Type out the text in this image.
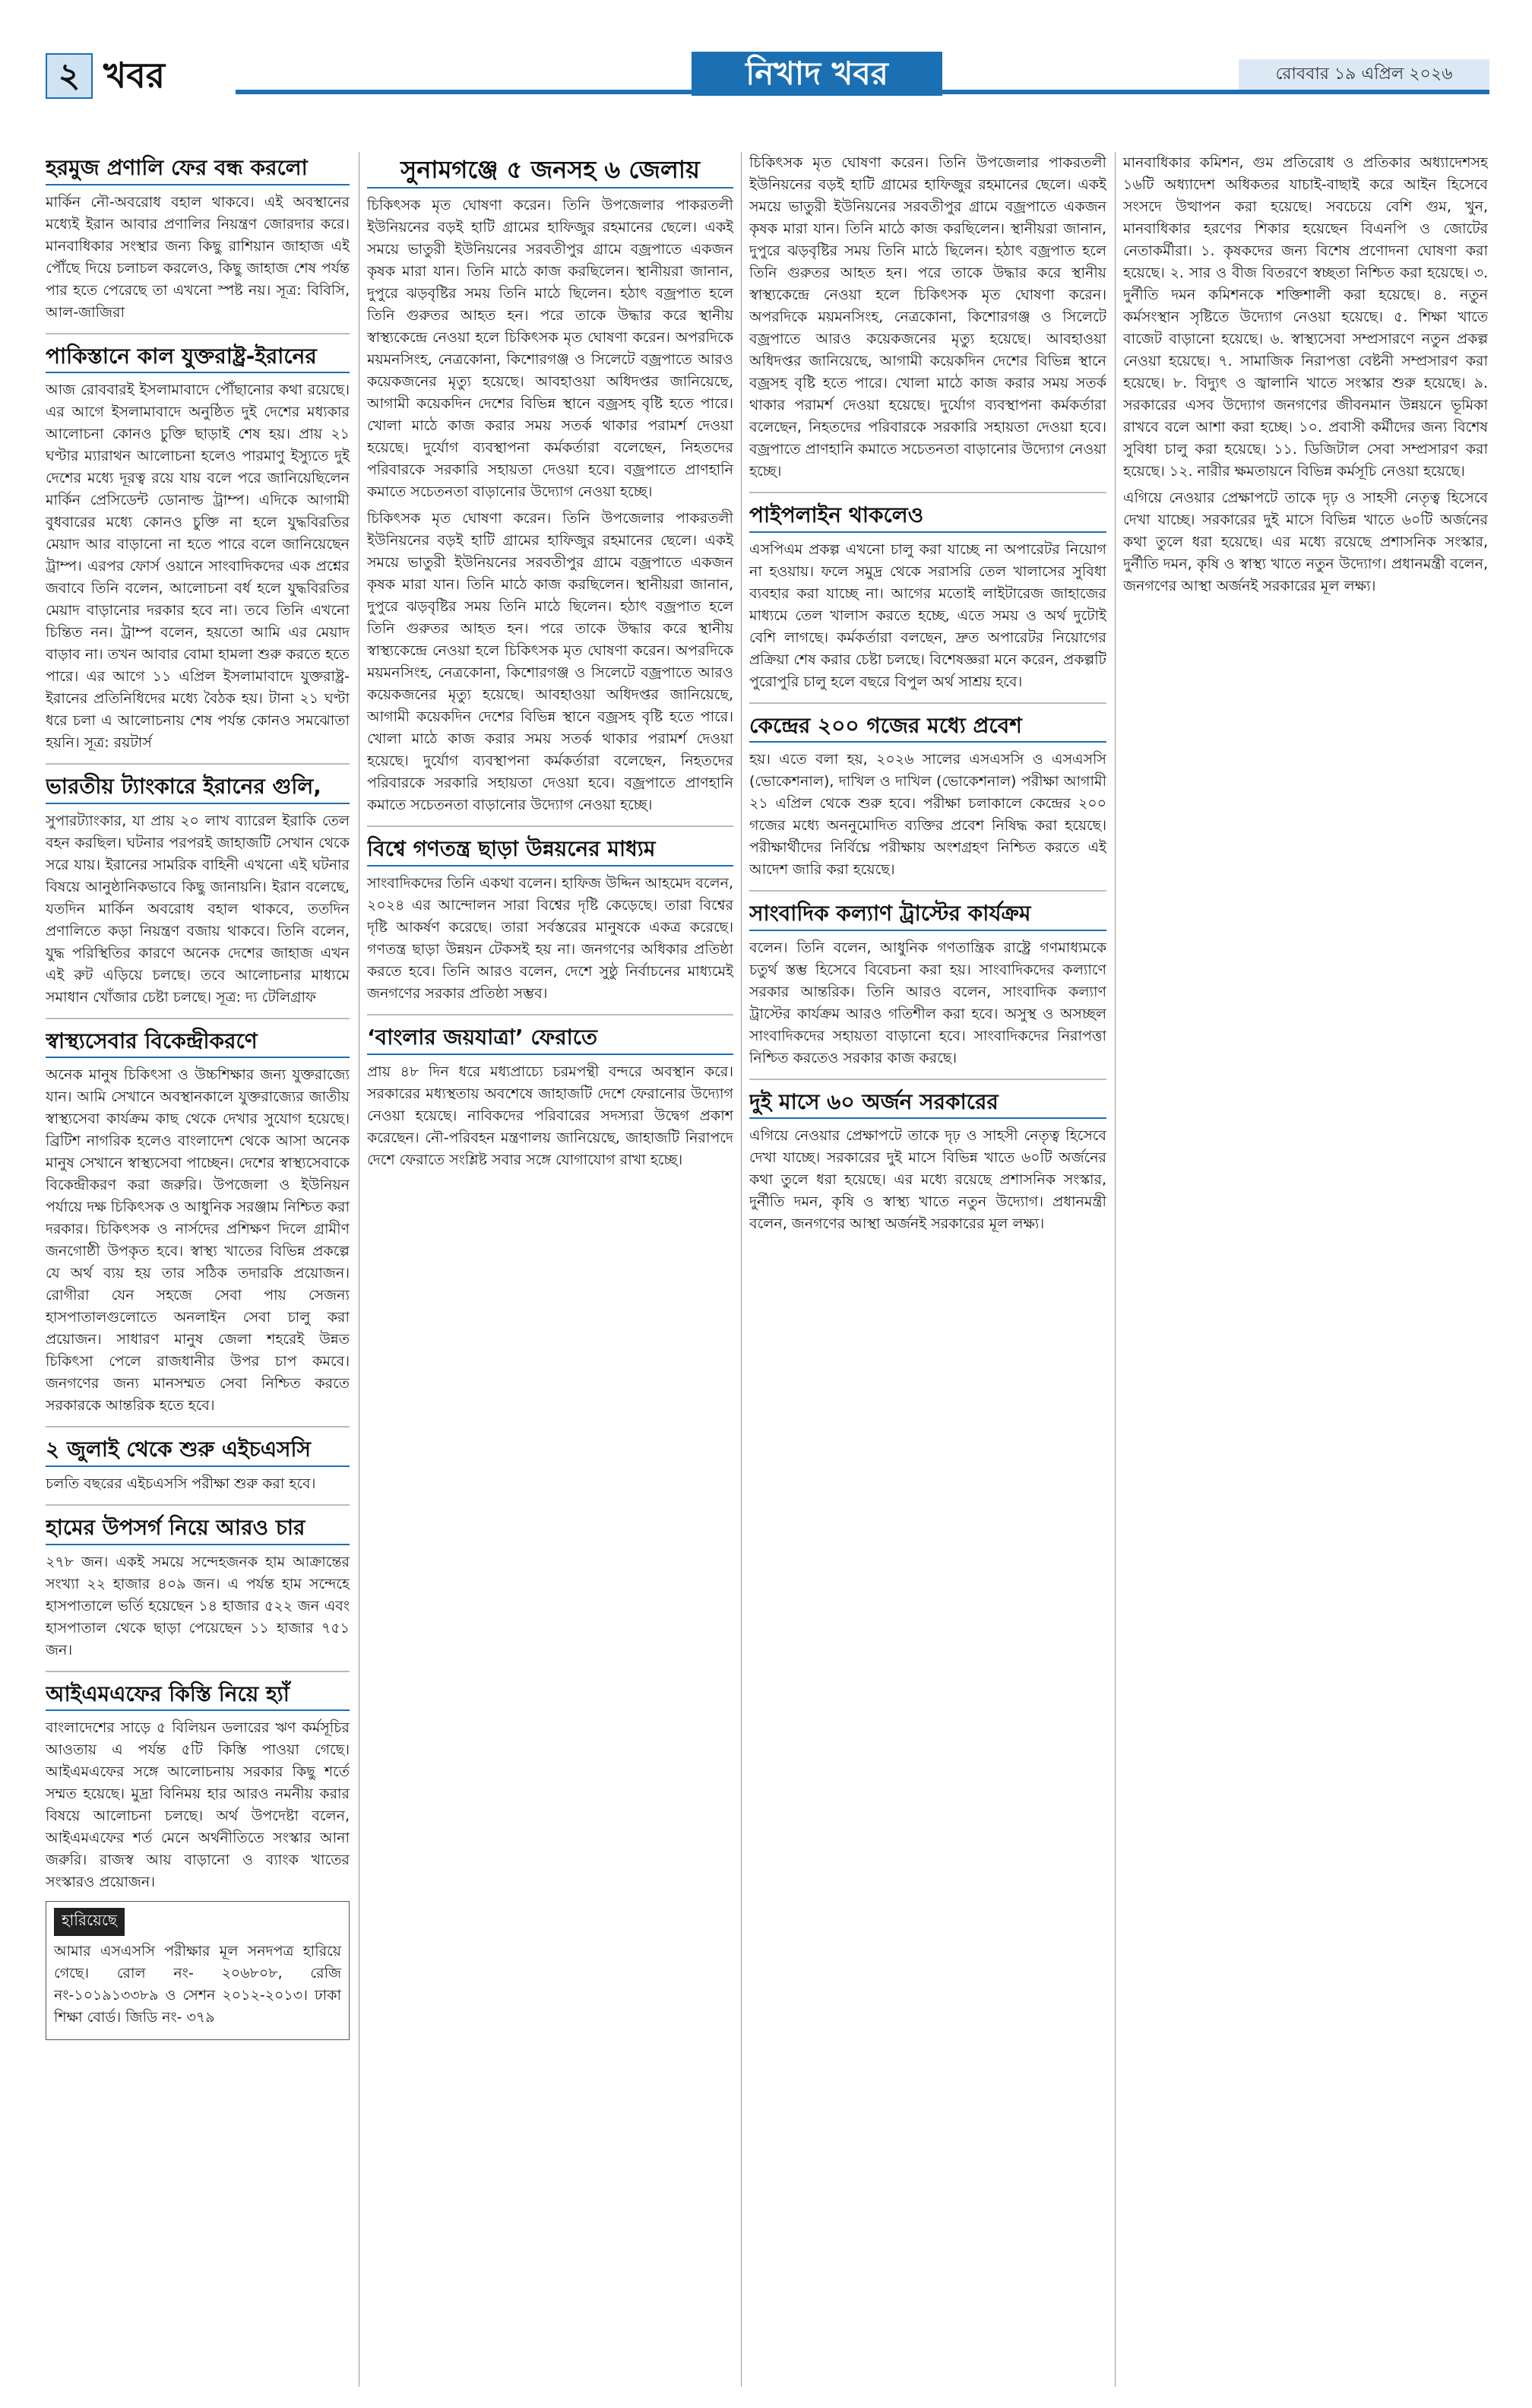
২ খবর	নিখাদ খবর	রোববার ১৯ এপ্রিল ২০২৬
হরমুজ প্রণালি ফের বন্ধ করলো

মার্কিন নৌ-অবরোধ বহাল থাকবে। এই অবস্থানের মধ্যেই ইরান আবার প্রণালির নিয়ন্ত্রণ জোরদার করে। মানবাধিকার সংস্থার জন্য কিছু রাশিয়ান জাহাজ এই পৌঁছে দিয়ে চলাচল করলেও, কিছু জাহাজ শেষ পর্যন্ত পার হতে পেরেছে তা এখনো স্পষ্ট নয়। সূত্র: বিবিসি, আল-জাজিরা

পাকিস্তানে কাল যুক্তরাষ্ট্র-ইরানের

আজ রোববারই ইসলামাবাদে পৌঁছানোর কথা রয়েছে। এর আগে ইসলামাবাদে অনুষ্ঠিত দুই দেশের মধ্যকার আলোচনা কোনও চুক্তি ছাড়াই শেষ হয়। প্রায় ২১ ঘণ্টার ম্যারাথন আলোচনা হলেও পারমাণু ইস্যুতে দুই দেশের মধ্যে দূরত্ব রয়ে যায় বলে পরে জানিয়েছিলেন মার্কিন প্রেসিডেন্ট ডোনাল্ড ট্রাম্প। এদিকে আগামী বুধবারের মধ্যে কোনও চুক্তি না হলে যুদ্ধবিরতির মেয়াদ আর বাড়ানো না হতে পারে বলে জানিয়েছেন ট্রাম্প। এরপর ফোর্স ওয়ানে সাংবাদিকদের এক প্রশ্নের জবাবে তিনি বলেন, আলোচনা বর্ধ হলে যুদ্ধবিরতির মেয়াদ বাড়ানোর দরকার হবে না। তবে তিনি এখনো চিন্তিত নন। ট্রাম্প বলেন, হয়তো আমি এর মেয়াদ বাড়াব না। তখন আবার বোমা হামলা শুরু করতে হতে পারে। এর আগে ১১ এপ্রিল ইসলামাবাদে যুক্তরাষ্ট্র-ইরানের প্রতিনিধিদের মধ্যে বৈঠক হয়। টানা ২১ ঘণ্টা ধরে চলা এ আলোচনায় শেষ পর্যন্ত কোনও সমঝোতা হয়নি। সূত্র: রয়টার্স

ভারতীয় ট্যাংকারে ইরানের গুলি,

সুপারট্যাংকার, যা প্রায় ২০ লাখ ব্যারেল ইরাকি তেল বহন করছিল। ঘটনার পরপরই জাহাজটি সেখান থেকে সরে যায়। ইরানের সামরিক বাহিনী এখনো এই ঘটনার বিষয়ে আনুষ্ঠানিকভাবে কিছু জানায়নি। ইরান বলেছে, যতদিন মার্কিন অবরোধ বহাল থাকবে, ততদিন প্রণালিতে কড়া নিয়ন্ত্রণ বজায় থাকবে। তিনি বলেন, যুদ্ধ পরিস্থিতির কারণে অনেক দেশের জাহাজ এখন এই রুট এড়িয়ে চলছে। তবে আলোচনার মাধ্যমে সমাধান খোঁজার চেষ্টা চলছে। সূত্র: দ্য টেলিগ্রাফ

স্বাস্থ্যসেবার বিকেন্দ্রীকরণে

অনেক মানুষ চিকিৎসা ও উচ্চশিক্ষার জন্য যুক্তরাজ্যে যান। আমি সেখানে অবস্থানকালে যুক্তরাজ্যের জাতীয় স্বাস্থ্যসেবা কার্যক্রম কাছ থেকে দেখার সুযোগ হয়েছে। ব্রিটিশ নাগরিক হলেও বাংলাদেশ থেকে আসা অনেক মানুষ সেখানে স্বাস্থ্যসেবা পাচ্ছেন। দেশের স্বাস্থ্যসেবাকে বিকেন্দ্রীকরণ করা জরুরি। উপজেলা ও ইউনিয়ন পর্যায়ে দক্ষ চিকিৎসক ও আধুনিক সরঞ্জাম নিশ্চিত করা দরকার। চিকিৎসক ও নার্সদের প্রশিক্ষণ দিলে গ্রামীণ জনগোষ্ঠী উপকৃত হবে। স্বাস্থ্য খাতের বিভিন্ন প্রকল্পে যে অর্থ ব্যয় হয় তার সঠিক তদারকি প্রয়োজন। রোগীরা যেন সহজে সেবা পায় সেজন্য হাসপাতালগুলোতে অনলাইন সেবা চালু করা প্রয়োজন। সাধারণ মানুষ জেলা শহরেই উন্নত চিকিৎসা পেলে রাজধানীর উপর চাপ কমবে। জনগণের জন্য মানসম্মত সেবা নিশ্চিত করতে সরকারকে আন্তরিক হতে হবে।

২ জুলাই থেকে শুরু এইচএসসি

চলতি বছরের এইচএসসি পরীক্ষা শুরু করা হবে।

হামের উপসর্গ নিয়ে আরও চার

২৭৮ জন। একই সময়ে সন্দেহজনক হাম আক্রান্তের সংখ্যা ২২ হাজার ৪০৯ জন। এ পর্যন্ত হাম সন্দেহে হাসপাতালে ভর্তি হয়েছেন ১৪ হাজার ৫২২ জন এবং হাসপাতাল থেকে ছাড়া পেয়েছেন ১১ হাজার ৭৫১ জন।

আইএমএফের কিস্তি নিয়ে হ্যাঁ

বাংলাদেশের সাড়ে ৫ বিলিয়ন ডলারের ঋণ কর্মসূচির আওতায় এ পর্যন্ত ৫টি কিস্তি পাওয়া গেছে। আইএমএফের সঙ্গে আলোচনায় সরকার কিছু শর্তে সম্মত হয়েছে। মুদ্রা বিনিময় হার আরও নমনীয় করার বিষয়ে আলোচনা চলছে। অর্থ উপদেষ্টা বলেন, আইএমএফের শর্ত মেনে অর্থনীতিতে সংস্কার আনা জরুরি। রাজস্ব আয় বাড়ানো ও ব্যাংক খাতের সংস্কারও প্রয়োজন।

হারিয়েছে

আমার এসএসসি পরীক্ষার মূল সনদপত্র হারিয়ে গেছে। রোল নং- ২০৬৮০৮, রেজি নং-১০১৯১৩৩৮৯ ও সেশন ২০১২-২০১৩। ঢাকা শিক্ষা বোর্ড। জিডি নং- ৩৭৯

সুনামগঞ্জে ৫ জনসহ ৬ জেলায়

চিকিৎসক মৃত ঘোষণা করেন। তিনি উপজেলার পাকরতলী ইউনিয়নের বড়ই হাটি গ্রামের হাফিজুর রহমানের ছেলে। একই সময়ে ভাতুরী ইউনিয়নের সরবতীপুর গ্রামে বজ্রপাতে একজন কৃষক মারা যান। তিনি মাঠে কাজ করছিলেন। স্থানীয়রা জানান, দুপুরে ঝড়বৃষ্টির সময় তিনি মাঠে ছিলেন। হঠাৎ বজ্রপাত হলে তিনি গুরুতর আহত হন। পরে তাকে উদ্ধার করে স্থানীয় স্বাস্থ্যকেন্দ্রে নেওয়া হলে চিকিৎসক মৃত ঘোষণা করেন। অপরদিকে ময়মনসিংহ, নেত্রকোনা, কিশোরগঞ্জ ও সিলেটে বজ্রপাতে আরও কয়েকজনের মৃত্যু হয়েছে। আবহাওয়া অধিদপ্তর জানিয়েছে, আগামী কয়েকদিন দেশের বিভিন্ন স্থানে বজ্রসহ বৃষ্টি হতে পারে। খোলা মাঠে কাজ করার সময় সতর্ক থাকার পরামর্শ দেওয়া হয়েছে। দুর্যোগ ব্যবস্থাপনা কর্মকর্তারা বলেছেন, নিহতদের পরিবারকে সরকারি সহায়তা দেওয়া হবে। বজ্রপাতে প্রাণহানি কমাতে সচেতনতা বাড়ানোর উদ্যোগ নেওয়া হচ্ছে।

চিকিৎসক মৃত ঘোষণা করেন। তিনি উপজেলার পাকরতলী ইউনিয়নের বড়ই হাটি গ্রামের হাফিজুর রহমানের ছেলে। একই সময়ে ভাতুরী ইউনিয়নের সরবতীপুর গ্রামে বজ্রপাতে একজন কৃষক মারা যান। তিনি মাঠে কাজ করছিলেন। স্থানীয়রা জানান, দুপুরে ঝড়বৃষ্টির সময় তিনি মাঠে ছিলেন। হঠাৎ বজ্রপাত হলে তিনি গুরুতর আহত হন। পরে তাকে উদ্ধার করে স্থানীয় স্বাস্থ্যকেন্দ্রে নেওয়া হলে চিকিৎসক মৃত ঘোষণা করেন। অপরদিকে ময়মনসিংহ, নেত্রকোনা, কিশোরগঞ্জ ও সিলেটে বজ্রপাতে আরও কয়েকজনের মৃত্যু হয়েছে। আবহাওয়া অধিদপ্তর জানিয়েছে, আগামী কয়েকদিন দেশের বিভিন্ন স্থানে বজ্রসহ বৃষ্টি হতে পারে। খোলা মাঠে কাজ করার সময় সতর্ক থাকার পরামর্শ দেওয়া হয়েছে। দুর্যোগ ব্যবস্থাপনা কর্মকর্তারা বলেছেন, নিহতদের পরিবারকে সরকারি সহায়তা দেওয়া হবে। বজ্রপাতে প্রাণহানি কমাতে সচেতনতা বাড়ানোর উদ্যোগ নেওয়া হচ্ছে।

বিশ্বে গণতন্ত্র ছাড়া উন্নয়নের মাধ্যম

সাংবাদিকদের তিনি একথা বলেন। হাফিজ উদ্দিন আহমেদ বলেন, ২০২৪ এর আন্দোলন সারা বিশ্বের দৃষ্টি কেড়েছে। তারা বিশ্বের দৃষ্টি আকর্ষণ করেছে। তারা সর্বস্তরের মানুষকে একত্র করেছে। গণতন্ত্র ছাড়া উন্নয়ন টেকসই হয় না। জনগণের অধিকার প্রতিষ্ঠা করতে হবে। তিনি আরও বলেন, দেশে সুষ্ঠু নির্বাচনের মাধ্যমেই জনগণের সরকার প্রতিষ্ঠা সম্ভব।

‘বাংলার জয়যাত্রা’ ফেরাতে

প্রায় ৪৮ দিন ধরে মধ্যপ্রাচ্যে চরমপন্থী বন্দরে অবস্থান করে। সরকারের মধ্যস্থতায় অবশেষে জাহাজটি দেশে ফেরানোর উদ্যোগ নেওয়া হয়েছে। নাবিকদের পরিবারের সদস্যরা উদ্বেগ প্রকাশ করেছেন। নৌ-পরিবহন মন্ত্রণালয় জানিয়েছে, জাহাজটি নিরাপদে দেশে ফেরাতে সংশ্লিষ্ট সবার সঙ্গে যোগাযোগ রাখা হচ্ছে।

চিকিৎসক মৃত ঘোষণা করেন। তিনি উপজেলার পাকরতলী ইউনিয়নের বড়ই হাটি গ্রামের হাফিজুর রহমানের ছেলে। একই সময়ে ভাতুরী ইউনিয়নের সরবতীপুর গ্রামে বজ্রপাতে একজন কৃষক মারা যান। তিনি মাঠে কাজ করছিলেন। স্থানীয়রা জানান, দুপুরে ঝড়বৃষ্টির সময় তিনি মাঠে ছিলেন। হঠাৎ বজ্রপাত হলে তিনি গুরুতর আহত হন। পরে তাকে উদ্ধার করে স্থানীয় স্বাস্থ্যকেন্দ্রে নেওয়া হলে চিকিৎসক মৃত ঘোষণা করেন। অপরদিকে ময়মনসিংহ, নেত্রকোনা, কিশোরগঞ্জ ও সিলেটে বজ্রপাতে আরও কয়েকজনের মৃত্যু হয়েছে। আবহাওয়া অধিদপ্তর জানিয়েছে, আগামী কয়েকদিন দেশের বিভিন্ন স্থানে বজ্রসহ বৃষ্টি হতে পারে। খোলা মাঠে কাজ করার সময় সতর্ক থাকার পরামর্শ দেওয়া হয়েছে। দুর্যোগ ব্যবস্থাপনা কর্মকর্তারা বলেছেন, নিহতদের পরিবারকে সরকারি সহায়তা দেওয়া হবে। বজ্রপাতে প্রাণহানি কমাতে সচেতনতা বাড়ানোর উদ্যোগ নেওয়া হচ্ছে।

পাইপলাইন থাকলেও

এসপিএম প্রকল্প এখনো চালু করা যাচ্ছে না অপারেটর নিয়োগ না হওয়ায়। ফলে সমুদ্র থেকে সরাসরি তেল খালাসের সুবিধা ব্যবহার করা যাচ্ছে না। আগের মতোই লাইটারেজ জাহাজের মাধ্যমে তেল খালাস করতে হচ্ছে, এতে সময় ও অর্থ দুটোই বেশি লাগছে। কর্মকর্তারা বলছেন, দ্রুত অপারেটর নিয়োগের প্রক্রিয়া শেষ করার চেষ্টা চলছে। বিশেষজ্ঞরা মনে করেন, প্রকল্পটি পুরোপুরি চালু হলে বছরে বিপুল অর্থ সাশ্রয় হবে।

কেন্দ্রের ২০০ গজের মধ্যে প্রবেশ

হয়। এতে বলা হয়, ২০২৬ সালের এসএসসি ও এসএসসি (ভোকেশনাল), দাখিল ও দাখিল (ভোকেশনাল) পরীক্ষা আগামী ২১ এপ্রিল থেকে শুরু হবে। পরীক্ষা চলাকালে কেন্দ্রের ২০০ গজের মধ্যে অননুমোদিত ব্যক্তির প্রবেশ নিষিদ্ধ করা হয়েছে। পরীক্ষার্থীদের নির্বিঘ্নে পরীক্ষায় অংশগ্রহণ নিশ্চিত করতে এই আদেশ জারি করা হয়েছে।

সাংবাদিক কল্যাণ ট্রাস্টের কার্যক্রম

বলেন। তিনি বলেন, আধুনিক গণতান্ত্রিক রাষ্ট্রে গণমাধ্যমকে চতুর্থ স্তম্ভ হিসেবে বিবেচনা করা হয়। সাংবাদিকদের কল্যাণে সরকার আন্তরিক। তিনি আরও বলেন, সাংবাদিক কল্যাণ ট্রাস্টের কার্যক্রম আরও গতিশীল করা হবে। অসুস্থ ও অসচ্ছল সাংবাদিকদের সহায়তা বাড়ানো হবে। সাংবাদিকদের নিরাপত্তা নিশ্চিত করতেও সরকার কাজ করছে।

দুই মাসে ৬০ অর্জন সরকারের

এগিয়ে নেওয়ার প্রেক্ষাপটে তাকে দৃঢ় ও সাহসী নেতৃত্ব হিসেবে দেখা যাচ্ছে। সরকারের দুই মাসে বিভিন্ন খাতে ৬০টি অর্জনের কথা তুলে ধরা হয়েছে। এর মধ্যে রয়েছে প্রশাসনিক সংস্কার, দুর্নীতি দমন, কৃষি ও স্বাস্থ্য খাতে নতুন উদ্যোগ। প্রধানমন্ত্রী বলেন, জনগণের আস্থা অর্জনই সরকারের মূল লক্ষ্য।

মানবাধিকার কমিশন, গুম প্রতিরোধ ও প্রতিকার অধ্যাদেশসহ ১৬টি অধ্যাদেশ অধিকতর যাচাই-বাছাই করে আইন হিসেবে সংসদে উত্থাপন করা হয়েছে। সবচেয়ে বেশি গুম, খুন, মানবাধিকার হরণের শিকার হয়েছেন বিএনপি ও জোটের নেতাকর্মীরা। ১. কৃষকদের জন্য বিশেষ প্রণোদনা ঘোষণা করা হয়েছে। ২. সার ও বীজ বিতরণে স্বচ্ছতা নিশ্চিত করা হয়েছে। ৩. দুর্নীতি দমন কমিশনকে শক্তিশালী করা হয়েছে। ৪. নতুন কর্মসংস্থান সৃষ্টিতে উদ্যোগ নেওয়া হয়েছে। ৫. শিক্ষা খাতে বাজেট বাড়ানো হয়েছে। ৬. স্বাস্থ্যসেবা সম্প্রসারণে নতুন প্রকল্প নেওয়া হয়েছে। ৭. সামাজিক নিরাপত্তা বেষ্টনী সম্প্রসারণ করা হয়েছে। ৮. বিদ্যুৎ ও জ্বালানি খাতে সংস্কার শুরু হয়েছে। ৯. সরকারের এসব উদ্যোগ জনগণের জীবনমান উন্নয়নে ভূমিকা রাখবে বলে আশা করা হচ্ছে। ১০. প্রবাসী কর্মীদের জন্য বিশেষ সুবিধা চালু করা হয়েছে। ১১. ডিজিটাল সেবা সম্প্রসারণ করা হয়েছে। ১২. নারীর ক্ষমতায়নে বিভিন্ন কর্মসূচি নেওয়া হয়েছে।

এগিয়ে নেওয়ার প্রেক্ষাপটে তাকে দৃঢ় ও সাহসী নেতৃত্ব হিসেবে দেখা যাচ্ছে। সরকারের দুই মাসে বিভিন্ন খাতে ৬০টি অর্জনের কথা তুলে ধরা হয়েছে। এর মধ্যে রয়েছে প্রশাসনিক সংস্কার, দুর্নীতি দমন, কৃষি ও স্বাস্থ্য খাতে নতুন উদ্যোগ। প্রধানমন্ত্রী বলেন, জনগণের আস্থা অর্জনই সরকারের মূল লক্ষ্য।
